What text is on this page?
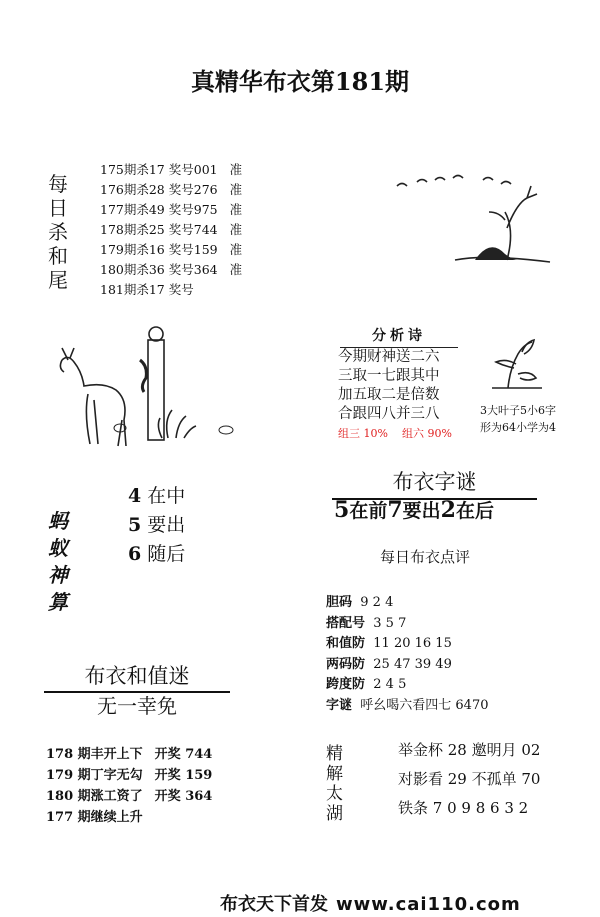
真精华布衣第181期
每
日
杀
和
尾
175期杀17 奖号001 准
176期杀28 奖号276 准
177期杀49 奖号975 准
178期杀25 奖号744 准
179期杀16 奖号159 准
180期杀36 奖号364 准
181期杀17 奖号
分析诗
今期财神送二六
三取一七跟其中
加五取二是倍数
合跟四八并三八
组三 10% 组六 90%
3大叶子5小6字
形为64小学为4
蚂
蚁
神
算
4 在中
5 要出
6 随后
布衣字谜
5在前7要出2在后
每日布衣点评
胆码 9 2 4
搭配号 3 5 7
和值防 11 20 16 15
两码防 25 47 39 49
跨度防 2 4 5
字谜 呼幺喝六看四七 6470
布衣和值迷
无一幸免
178 期丰开上下 开奖 744
179 期丁字无勾 开奖 159
180 期涨工资了 开奖 364
177 期继续上升
精
解
太
湖
举金杯 28 邀明月 02
对影看 29 不孤单 70
铁条 7 0 9 8 6 3 2
布衣天下首发 www.cai110.com
